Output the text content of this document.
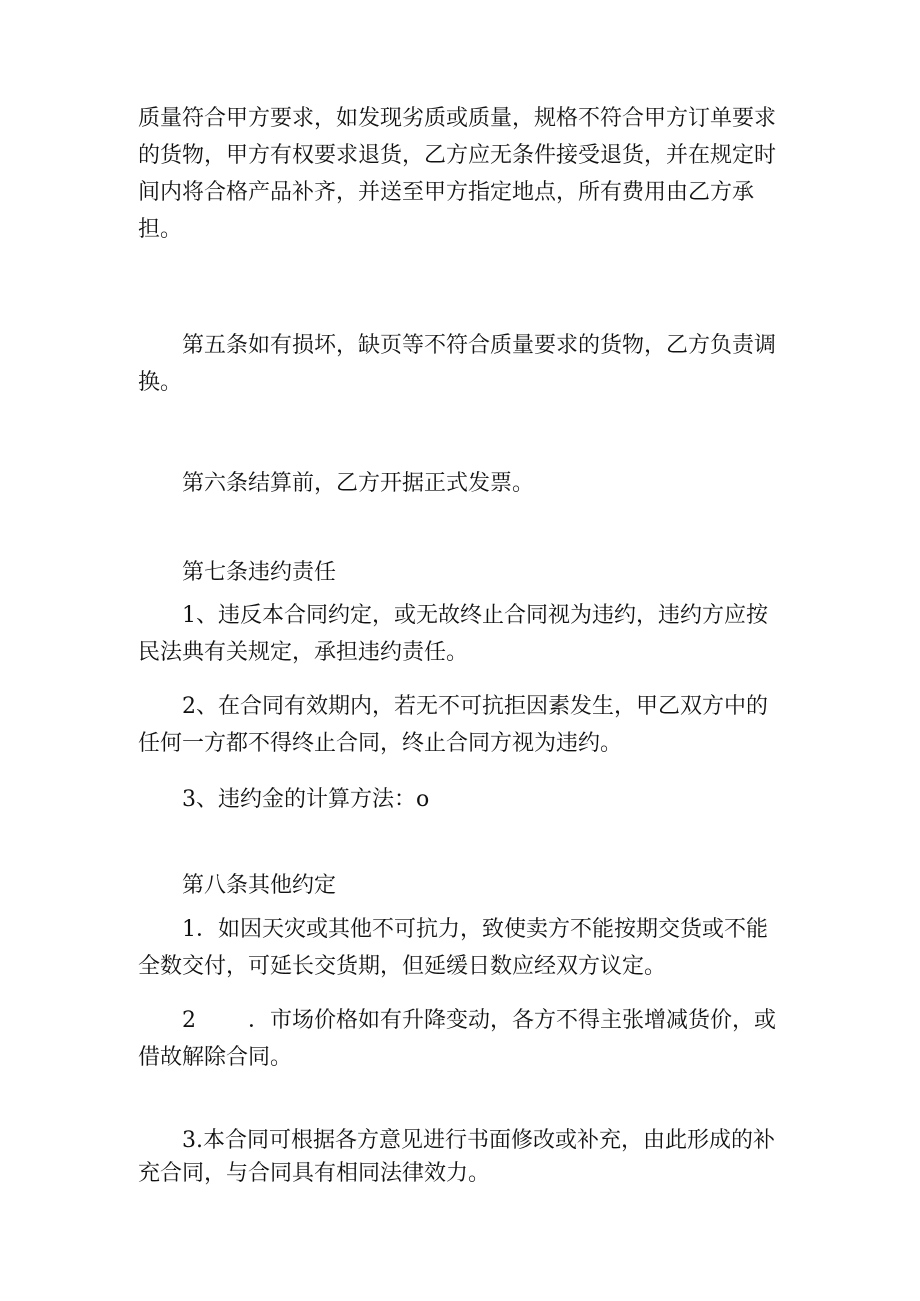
质量符合甲方要求，如发现劣质或质量，规格不符合甲方订单要求的货物，甲方有权要求退货，乙方应无条件接受退货，并在规定时间内将合格产品补齐，并送至甲方指定地点，所有费用由乙方承担。

第五条如有损坏，缺页等不符合质量要求的货物，乙方负责调换。

第六条结算前，乙方开据正式发票。

第七条违约责任

1、违反本合同约定，或无故终止合同视为违约，违约方应按民法典有关规定，承担违约责任。

2、在合同有效期内，若无不可抗拒因素发生，甲乙双方中的任何一方都不得终止合同，终止合同方视为违约。

3、违约金的计算方法：o

第八条其他约定

1．如因天灾或其他不可抗力，致使卖方不能按期交货或不能全数交付，可延长交货期，但延缓日数应经双方议定。

2 ．市场价格如有升降变动，各方不得主张增减货价，或借故解除合同。

3.本合同可根据各方意见进行书面修改或补充，由此形成的补充合同，与合同具有相同法律效力。
